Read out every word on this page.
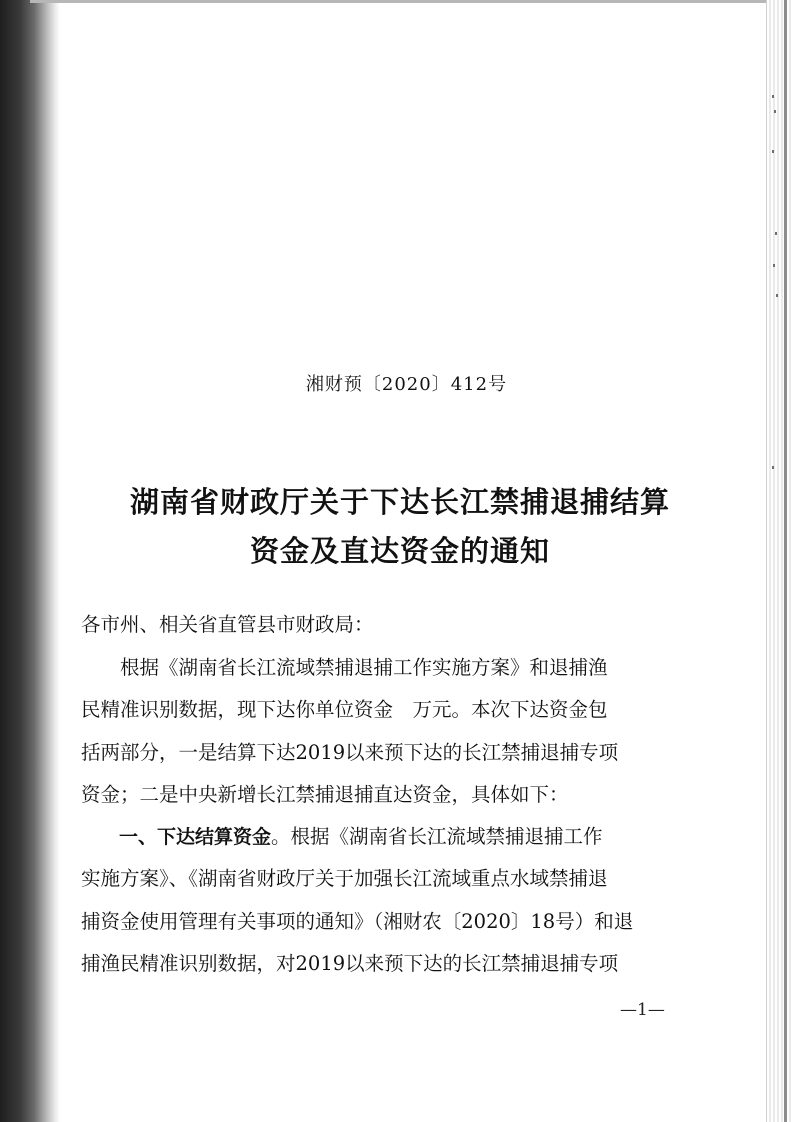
湘财预〔2020〕412号
湖南省财政厅关于下达长江禁捕退捕结算
资金及直达资金的通知
各市州、相关省直管县市财政局：
根据《湖南省长江流域禁捕退捕工作实施方案》和退捕渔
民精准识别数据，现下达你单位资金　万元。本次下达资金包
括两部分，一是结算下达2019以来预下达的长江禁捕退捕专项
资金；二是中央新增长江禁捕退捕直达资金，具体如下：
一、下达结算资金。根据《湖南省长江流域禁捕退捕工作
实施方案》、《湖南省财政厅关于加强长江流域重点水域禁捕退
捕资金使用管理有关事项的通知》（湘财农〔2020〕18号）和退
捕渔民精准识别数据，对2019以来预下达的长江禁捕退捕专项
—1—
